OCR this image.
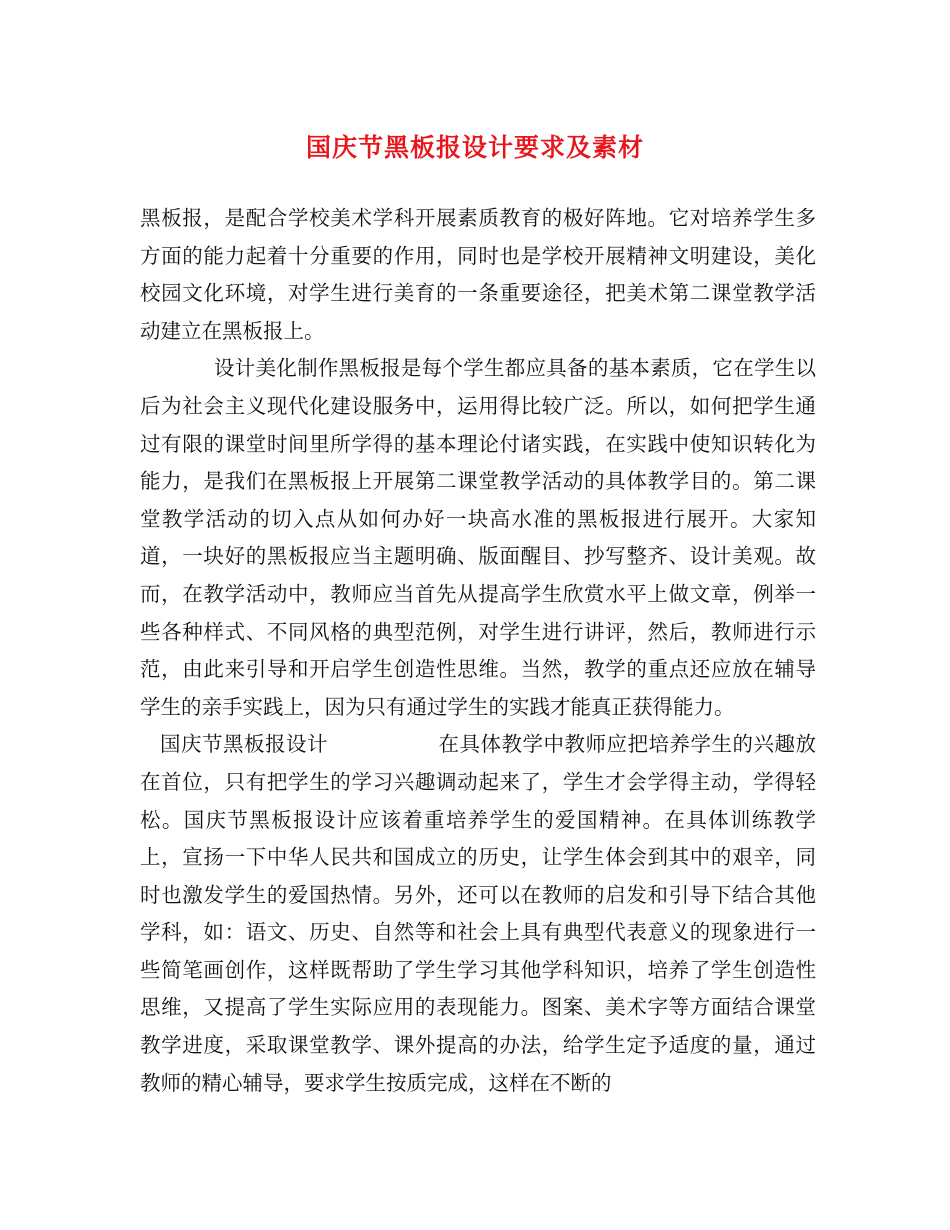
国庆节黑板报设计要求及素材

黑板报，是配合学校美术学科开展素质教育的极好阵地。它对培养学生多方面的能力起着十分重要的作用，同时也是学校开展精神文明建设，美化校园文化环境，对学生进行美育的一条重要途径，把美术第二课堂教学活动建立在黑板报上。

设计美化制作黑板报是每个学生都应具备的基本素质，它在学生以后为社会主义现代化建设服务中，运用得比较广泛。所以，如何把学生通过有限的课堂时间里所学得的基本理论付诸实践，在实践中使知识转化为能力，是我们在黑板报上开展第二课堂教学活动的具体教学目的。第二课堂教学活动的切入点从如何办好一块高水准的黑板报进行展开。大家知道，一块好的黑板报应当主题明确、版面醒目、抄写整齐、设计美观。故而，在教学活动中，教师应当首先从提高学生欣赏水平上做文章，例举一些各种样式、不同风格的典型范例，对学生进行讲评，然后，教师进行示范，由此来引导和开启学生创造性思维。当然，教学的重点还应放在辅导学生的亲手实践上，因为只有通过学生的实践才能真正获得能力。

国庆节黑板报设计	在具体教学中教师应把培养学生的兴趣放在首位，只有把学生的学习兴趣调动起来了，学生才会学得主动，学得轻松。国庆节黑板报设计应该着重培养学生的爱国精神。在具体训练教学上，宣扬一下中华人民共和国成立的历史，让学生体会到其中的艰辛，同时也激发学生的爱国热情。另外，还可以在教师的启发和引导下结合其他学科，如：语文、历史、自然等和社会上具有典型代表意义的现象进行一些简笔画创作，这样既帮助了学生学习其他学科知识，培养了学生创造性思维，又提高了学生实际应用的表现能力。图案、美术字等方面结合课堂教学进度，采取课堂教学、课外提高的办法，给学生定予适度的量，通过教师的精心辅导，要求学生按质完成，这样在不断的
